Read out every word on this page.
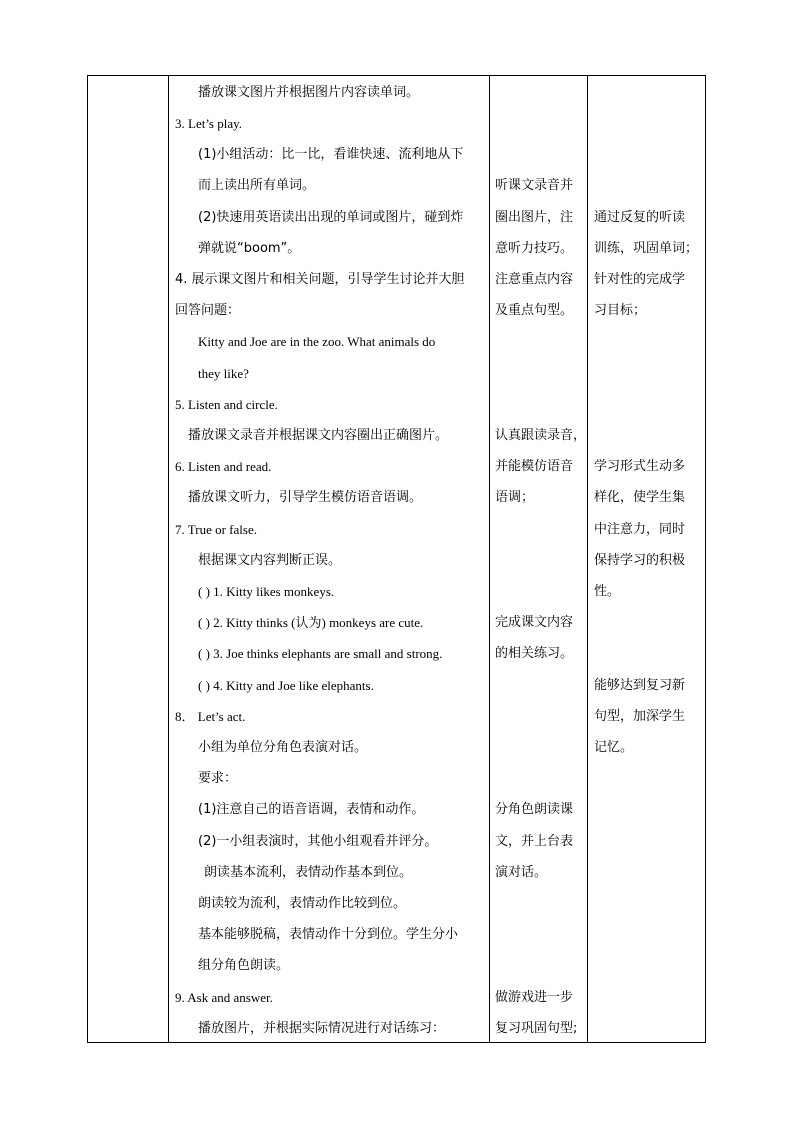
播放课文图片并根据图片内容读单词。
3. Let’s play.
(1)小组活动：比一比，看谁快速、流利地从下
而上读出所有单词。
(2)快速用英语读出出现的单词或图片，碰到炸
弹就说“boom”。
4. 展示课文图片和相关问题，引导学生讨论并大胆
回答问题：
Kitty and Joe are in the zoo. What animals do
they like?
5. Listen and circle.
播放课文录音并根据课文内容圈出正确图片。
6. Listen and read.
播放课文听力，引导学生模仿语音语调。
7. True or false.
根据课文内容判断正误。
( ) 1. Kitty likes monkeys.
( ) 2. Kitty thinks (认为) monkeys are cute.
( ) 3. Joe thinks elephants are small and strong.
( ) 4. Kitty and Joe like elephants.
8． Let’s act.
小组为单位分角色表演对话。
要求：
(1)注意自己的语音语调，表情和动作。
(2)一小组表演时，其他小组观看并评分。
朗读基本流利，表情动作基本到位。
朗读较为流利，表情动作比较到位。
基本能够脱稿，表情动作十分到位。学生分小
组分角色朗读。
9. Ask and answer.
播放图片，并根据实际情况进行对话练习：
听课文录音并
圈出图片，注
意听力技巧。
注意重点内容
及重点句型。
认真跟读录音，
并能模仿语音
语调；
完成课文内容
的相关练习。
分角色朗读课
文，并上台表
演对话。
做游戏进一步
复习巩固句型;
通过反复的听读
训练，巩固单词；
针对性的完成学
习目标；
学习形式生动多
样化，使学生集
中注意力，同时
保持学习的积极
性。
能够达到复习新
句型，加深学生
记忆。
